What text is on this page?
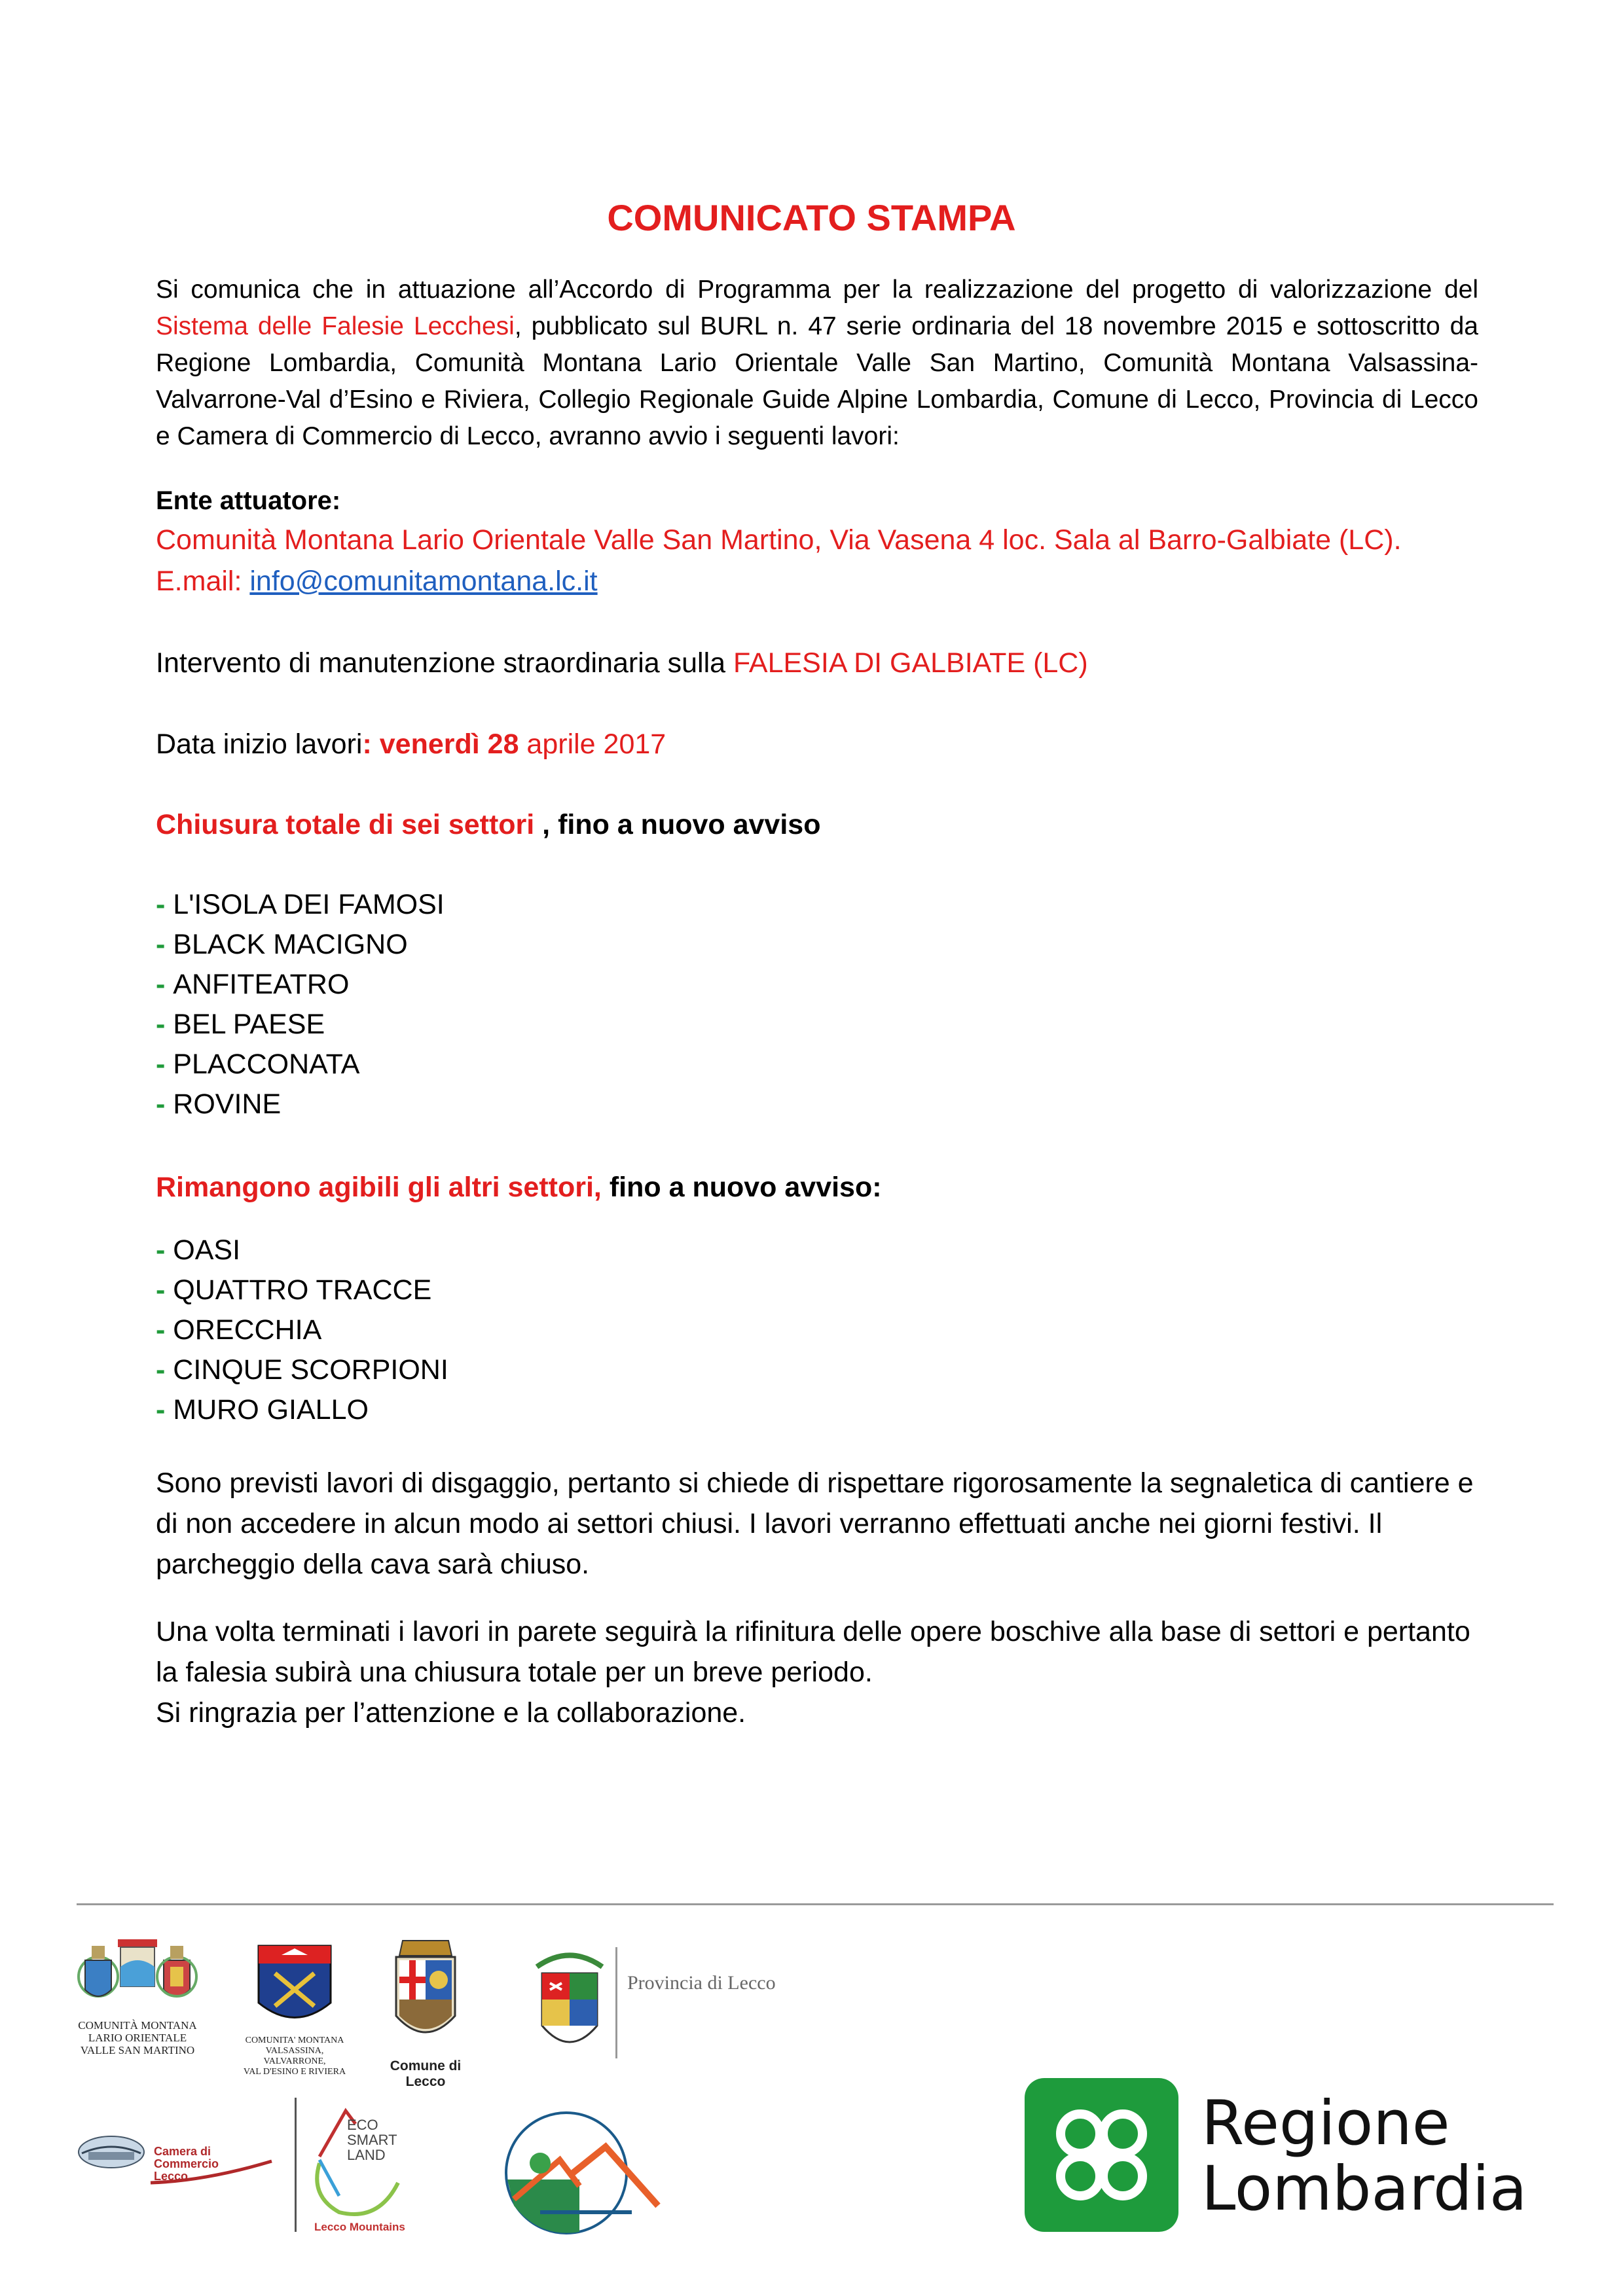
COMUNICATO STAMPA
Si comunica che in attuazione all’Accordo di Programma per la realizzazione del progetto di valorizzazione del Sistema delle Falesie Lecchesi, pubblicato sul BURL n. 47 serie ordinaria del 18 novembre 2015 e sottoscritto da Regione Lombardia, Comunità Montana Lario Orientale Valle San Martino, Comunità Montana Valsassina-Valvarrone-Val d’Esino e Riviera, Collegio Regionale Guide Alpine Lombardia, Comune di Lecco, Provincia di Lecco e Camera di Commercio di Lecco, avranno avvio i seguenti lavori:
Ente attuatore:
Comunità Montana Lario Orientale Valle San Martino, Via Vasena 4 loc. Sala al Barro-Galbiate (LC).
E.mail: info@comunitamontana.lc.it
Intervento di manutenzione straordinaria sulla FALESIA DI GALBIATE (LC)
Data inizio lavori: venerdì 28 aprile 2017
Chiusura totale di sei settori , fino a nuovo avviso
- L'ISOLA DEI FAMOSI
- BLACK MACIGNO
- ANFITEATRO
- BEL PAESE
- PLACCONATA
- ROVINE
Rimangono agibili gli altri settori, fino a nuovo avviso:
- OASI
- QUATTRO TRACCE
- ORECCHIA
- CINQUE SCORPIONI
- MURO GIALLO
Sono previsti lavori di disgaggio, pertanto si chiede di rispettare rigorosamente la segnaletica di cantiere e di non accedere in alcun modo ai settori chiusi. I lavori verranno effettuati anche nei giorni festivi. Il parcheggio della cava sarà chiuso.
Una volta terminati i lavori in parete seguirà la rifinitura delle opere boschive alla base di settori e pertanto la falesia subirà una chiusura totale per un breve periodo.
Si ringrazia per l’attenzione e la collaborazione.
COMUNITÀ MONTANA
LARIO ORIENTALE
VALLE SAN MARTINO
COMUNITA' MONTANA
VALSASSINA, VALVARRONE,
VAL D'ESINO E RIVIERA	Comune di Lecco
Provincia di Lecco
Camera di Commercio
Lecco
ECO
SMART
LAND
Lecco Mountains
Regione
Lombardia
